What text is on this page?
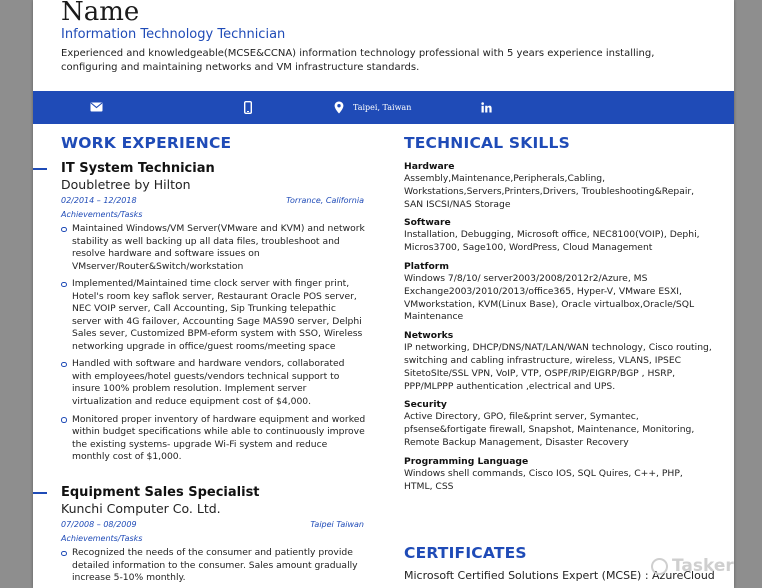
Name
Information Technology Technician
Experienced and knowledgeable(MCSE&CCNA) information technology professional with 5 years experience installing, configuring and maintaining networks and VM infrastructure standards.
Taipei, Taiwan
WORK EXPERIENCE
IT System Technician
Doubletree by Hilton
02/2014 – 12/2018	Torrance, California
Achievements/Tasks
Maintained Windows/VM Server(VMware and KVM) and network stability as well backing up all data files, troubleshoot and resolve hardware and software issues on VMserver/Router&Switch/workstation
Implemented/Maintained time clock server with finger print, Hotel's room key saflok server, Restaurant Oracle POS server, NEC VOIP server, Call Accounting, Sip Trunking telepathic server with 4G failover, Accounting Sage MAS90 server, Delphi Sales sever, Customized BPM-eform system with SSO, Wireless networking upgrade in office/guest rooms/meeting space
Handled with software and hardware vendors, collaborated with employees/hotel guests/vendors technical support to insure 100% problem resolution. Implement server virtualization and reduce equipment cost of $4,000.
Monitored proper inventory of hardware equipment and worked within budget specifications while able to continuously improve the existing systems- upgrade Wi-Fi system and reduce monthly cost of $1,000.
Equipment Sales Specialist
Kunchi Computer Co. Ltd.
07/2008 – 08/2009	Taipei Taiwan
Achievements/Tasks
Recognized the needs of the consumer and patiently provide detailed information to the consumer. Sales amount gradually increase 5-10% monthly.
TECHNICAL SKILLS
Hardware
Assembly,Maintenance,Peripherals,Cabling, Workstations,Servers,Printers,Drivers, Troubleshooting&Repair, SAN ISCSI/NAS Storage
Software
Installation, Debugging, Microsoft office, NEC8100(VOIP), Dephi, Micros3700, Sage100, WordPress, Cloud Management
Platform
Windows 7/8/10/ server2003/2008/2012r2/Azure, MS Exchange2003/2010/2013/office365, Hyper-V, VMware ESXI, VMworkstation, KVM(Linux Base), Oracle virtualbox,Oracle/SQL Maintenance
Networks
IP networking, DHCP/DNS/NAT/LAN/WAN technology, Cisco routing, switching and cabling infrastructure, wireless, VLANS, IPSEC SitetoSIte/SSL VPN, VoIP, VTP, OSPF/RIP/EIGRP/BGP , HSRP, PPP/MLPPP authentication ,electrical and UPS.
Security
Active Directory, GPO, file&print server, Symantec, pfsense&fortigate firewall, Snapshot, Maintenance, Monitoring, Remote Backup Management, Disaster Recovery
Programming Language
Windows shell commands, Cisco IOS, SQL Quires, C++, PHP, HTML, CSS
CERTIFICATES
Microsoft Certified Solutions Expert (MCSE) : AzureCloud
Tasker
